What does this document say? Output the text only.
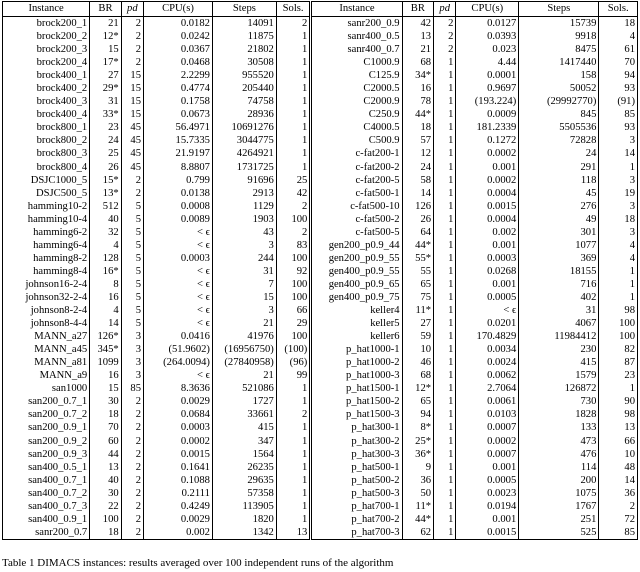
Instance	BR	pd	CPU(s)	Steps	Sols.	Instance	BR	pd	CPU(s)	Steps	Sols.
brock200_1	21	2	0.0182	14091	2	sanr200_0.9	42	2	0.0127	15739	18
brock200_2	12*	2	0.0242	11875	1	sanr400_0.5	13	2	0.0393	9918	4
brock200_3	15	2	0.0367	21802	1	sanr400_0.7	21	2	0.023	8475	61
brock200_4	17*	2	0.0468	30508	1	C1000.9	68	1	4.44	1417440	70
brock400_1	27	15	2.2299	955520	1	C125.9	34*	1	0.0001	158	94
brock400_2	29*	15	0.4774	205440	1	C2000.5	16	1	0.9697	50052	93
brock400_3	31	15	0.1758	74758	1	C2000.9	78	1	(193.224)	(29992770)	(91)
brock400_4	33*	15	0.0673	28936	1	C250.9	44*	1	0.0009	845	85
brock800_1	23	45	56.4971	10691276	1	C4000.5	18	1	181.2339	5505536	93
brock800_2	24	45	15.7335	3044775	1	C500.9	57	1	0.1272	72828	3
brock800_3	25	45	21.9197	4264921	1	c-fat200-1	12	1	0.0002	24	14
brock800_4	26	45	8.8807	1731725	1	c-fat200-2	24	1	0.001	291	1
DSJC1000_5	15*	2	0.799	91696	25	c-fat200-5	58	1	0.0002	118	3
DSJC500_5	13*	2	0.0138	2913	42	c-fat500-1	14	1	0.0004	45	19
hamming10-2	512	5	0.0008	1129	2	c-fat500-10	126	1	0.0015	276	3
hamming10-4	40	5	0.0089	1903	100	c-fat500-2	26	1	0.0004	49	18
hamming6-2	32	5	< ϵ	43	2	c-fat500-5	64	1	0.002	301	3
hamming6-4	4	5	< ϵ	3	83	gen200_p0.9_44	44*	1	0.001	1077	4
hamming8-2	128	5	0.0003	244	100	gen200_p0.9_55	55*	1	0.0003	369	4
hamming8-4	16*	5	< ϵ	31	92	gen400_p0.9_55	55	1	0.0268	18155	1
johnson16-2-4	8	5	< ϵ	7	100	gen400_p0.9_65	65	1	0.001	716	1
johnson32-2-4	16	5	< ϵ	15	100	gen400_p0.9_75	75	1	0.0005	402	1
johnson8-2-4	4	5	< ϵ	3	66	keller4	11*	1	< ϵ	31	98
johnson8-4-4	14	5	< ϵ	21	29	keller5	27	1	0.0201	4067	100
MANN_a27	126*	3	0.0416	41976	100	keller6	59	1	170.4829	11984412	100
MANN_a45	345*	3	(51.9602)	(16956750)	(100)	p_hat1000-1	10	1	0.0034	230	82
MANN_a81	1099	3	(264.0094)	(27840958)	(96)	p_hat1000-2	46	1	0.0024	415	87
MANN_a9	16	3	< ϵ	21	99	p_hat1000-3	68	1	0.0062	1579	23
san1000	15	85	8.3636	521086	1	p_hat1500-1	12*	1	2.7064	126872	1
san200_0.7_1	30	2	0.0029	1727	1	p_hat1500-2	65	1	0.0061	730	90
san200_0.7_2	18	2	0.0684	33661	2	p_hat1500-3	94	1	0.0103	1828	98
san200_0.9_1	70	2	0.0003	415	1	p_hat300-1	8*	1	0.0007	133	13
san200_0.9_2	60	2	0.0002	347	1	p_hat300-2	25*	1	0.0002	473	66
san200_0.9_3	44	2	0.0015	1564	1	p_hat300-3	36*	1	0.0007	476	10
san400_0.5_1	13	2	0.1641	26235	1	p_hat500-1	9	1	0.001	114	48
san400_0.7_1	40	2	0.1088	29635	1	p_hat500-2	36	1	0.0005	200	14
san400_0.7_2	30	2	0.2111	57358	1	p_hat500-3	50	1	0.0023	1075	36
san400_0.7_3	22	2	0.4249	113905	1	p_hat700-1	11*	1	0.0194	1767	2
san400_0.9_1	100	2	0.0029	1820	1	p_hat700-2	44*	1	0.001	251	72
sanr200_0.7	18	2	0.002	1342	13	p_hat700-3	62	1	0.0015	525	85
Table 1 DIMACS instances: results averaged over 100 independent runs of the algorithm
